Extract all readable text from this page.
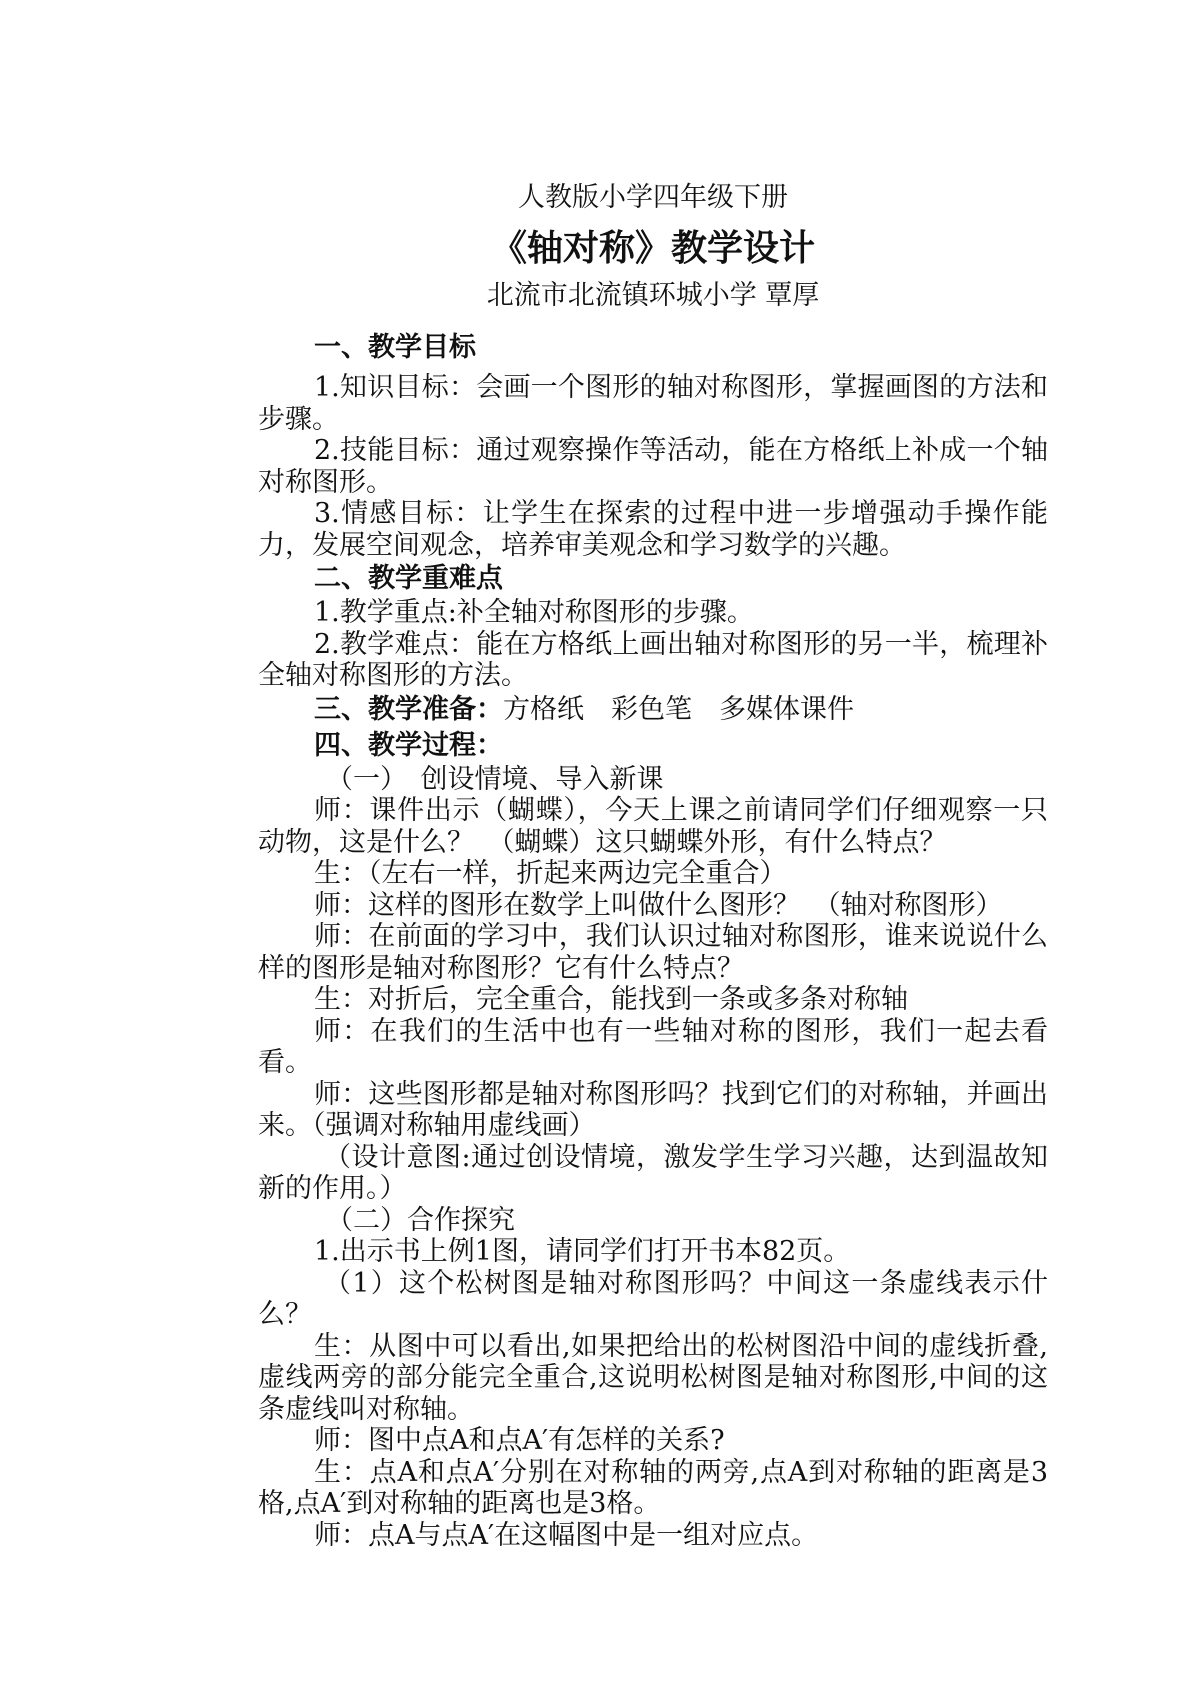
人教版小学四年级下册
《轴对称》教学设计
北流市北流镇环城小学 覃厚
一、教学目标

1.知识目标：会画一个图形的轴对称图形，掌握画图的方法和步骤。

2.技能目标：通过观察操作等活动，能在方格纸上补成一个轴对称图形。

3.情感目标：让学生在探索的过程中进一步增强动手操作能力，发展空间观念，培养审美观念和学习数学的兴趣。

二、教学重难点

1.教学重点:补全轴对称图形的步骤。

2.教学难点：能在方格纸上画出轴对称图形的另一半，梳理补全轴对称图形的方法。

三、教学准备：方格纸　彩色笔　多媒体课件
四、教学过程：

（一）　创设情境、导入新课

师：课件出示（蝴蝶），今天上课之前请同学们仔细观察一只动物，这是什么？　（蝴蝶）这只蝴蝶外形，有什么特点？

生：（左右一样，折起来两边完全重合）

师：这样的图形在数学上叫做什么图形？　（轴对称图形）

师：在前面的学习中，我们认识过轴对称图形，谁来说说什么样的图形是轴对称图形？它有什么特点？

生：对折后，完全重合，能找到一条或多条对称轴

师：在我们的生活中也有一些轴对称的图形，我们一起去看看。

师：这些图形都是轴对称图形吗？找到它们的对称轴，并画出来。（强调对称轴用虚线画）

（设计意图:通过创设情境，激发学生学习兴趣，达到温故知新的作用。）

（二）合作探究

1.出示书上例1图，请同学们打开书本82页。

（1）这个松树图是轴对称图形吗？中间这一条虚线表示什么？

生：从图中可以看出,如果把给出的松树图沿中间的虚线折叠,虚线两旁的部分能完全重合,这说明松树图是轴对称图形,中间的这条虚线叫对称轴。

师：图中点A和点A′有怎样的关系?

生：点A和点A′分别在对称轴的两旁,点A到对称轴的距离是3格,点A′到对称轴的距离也是3格。

师：点A与点A′在这幅图中是一组对应点。
